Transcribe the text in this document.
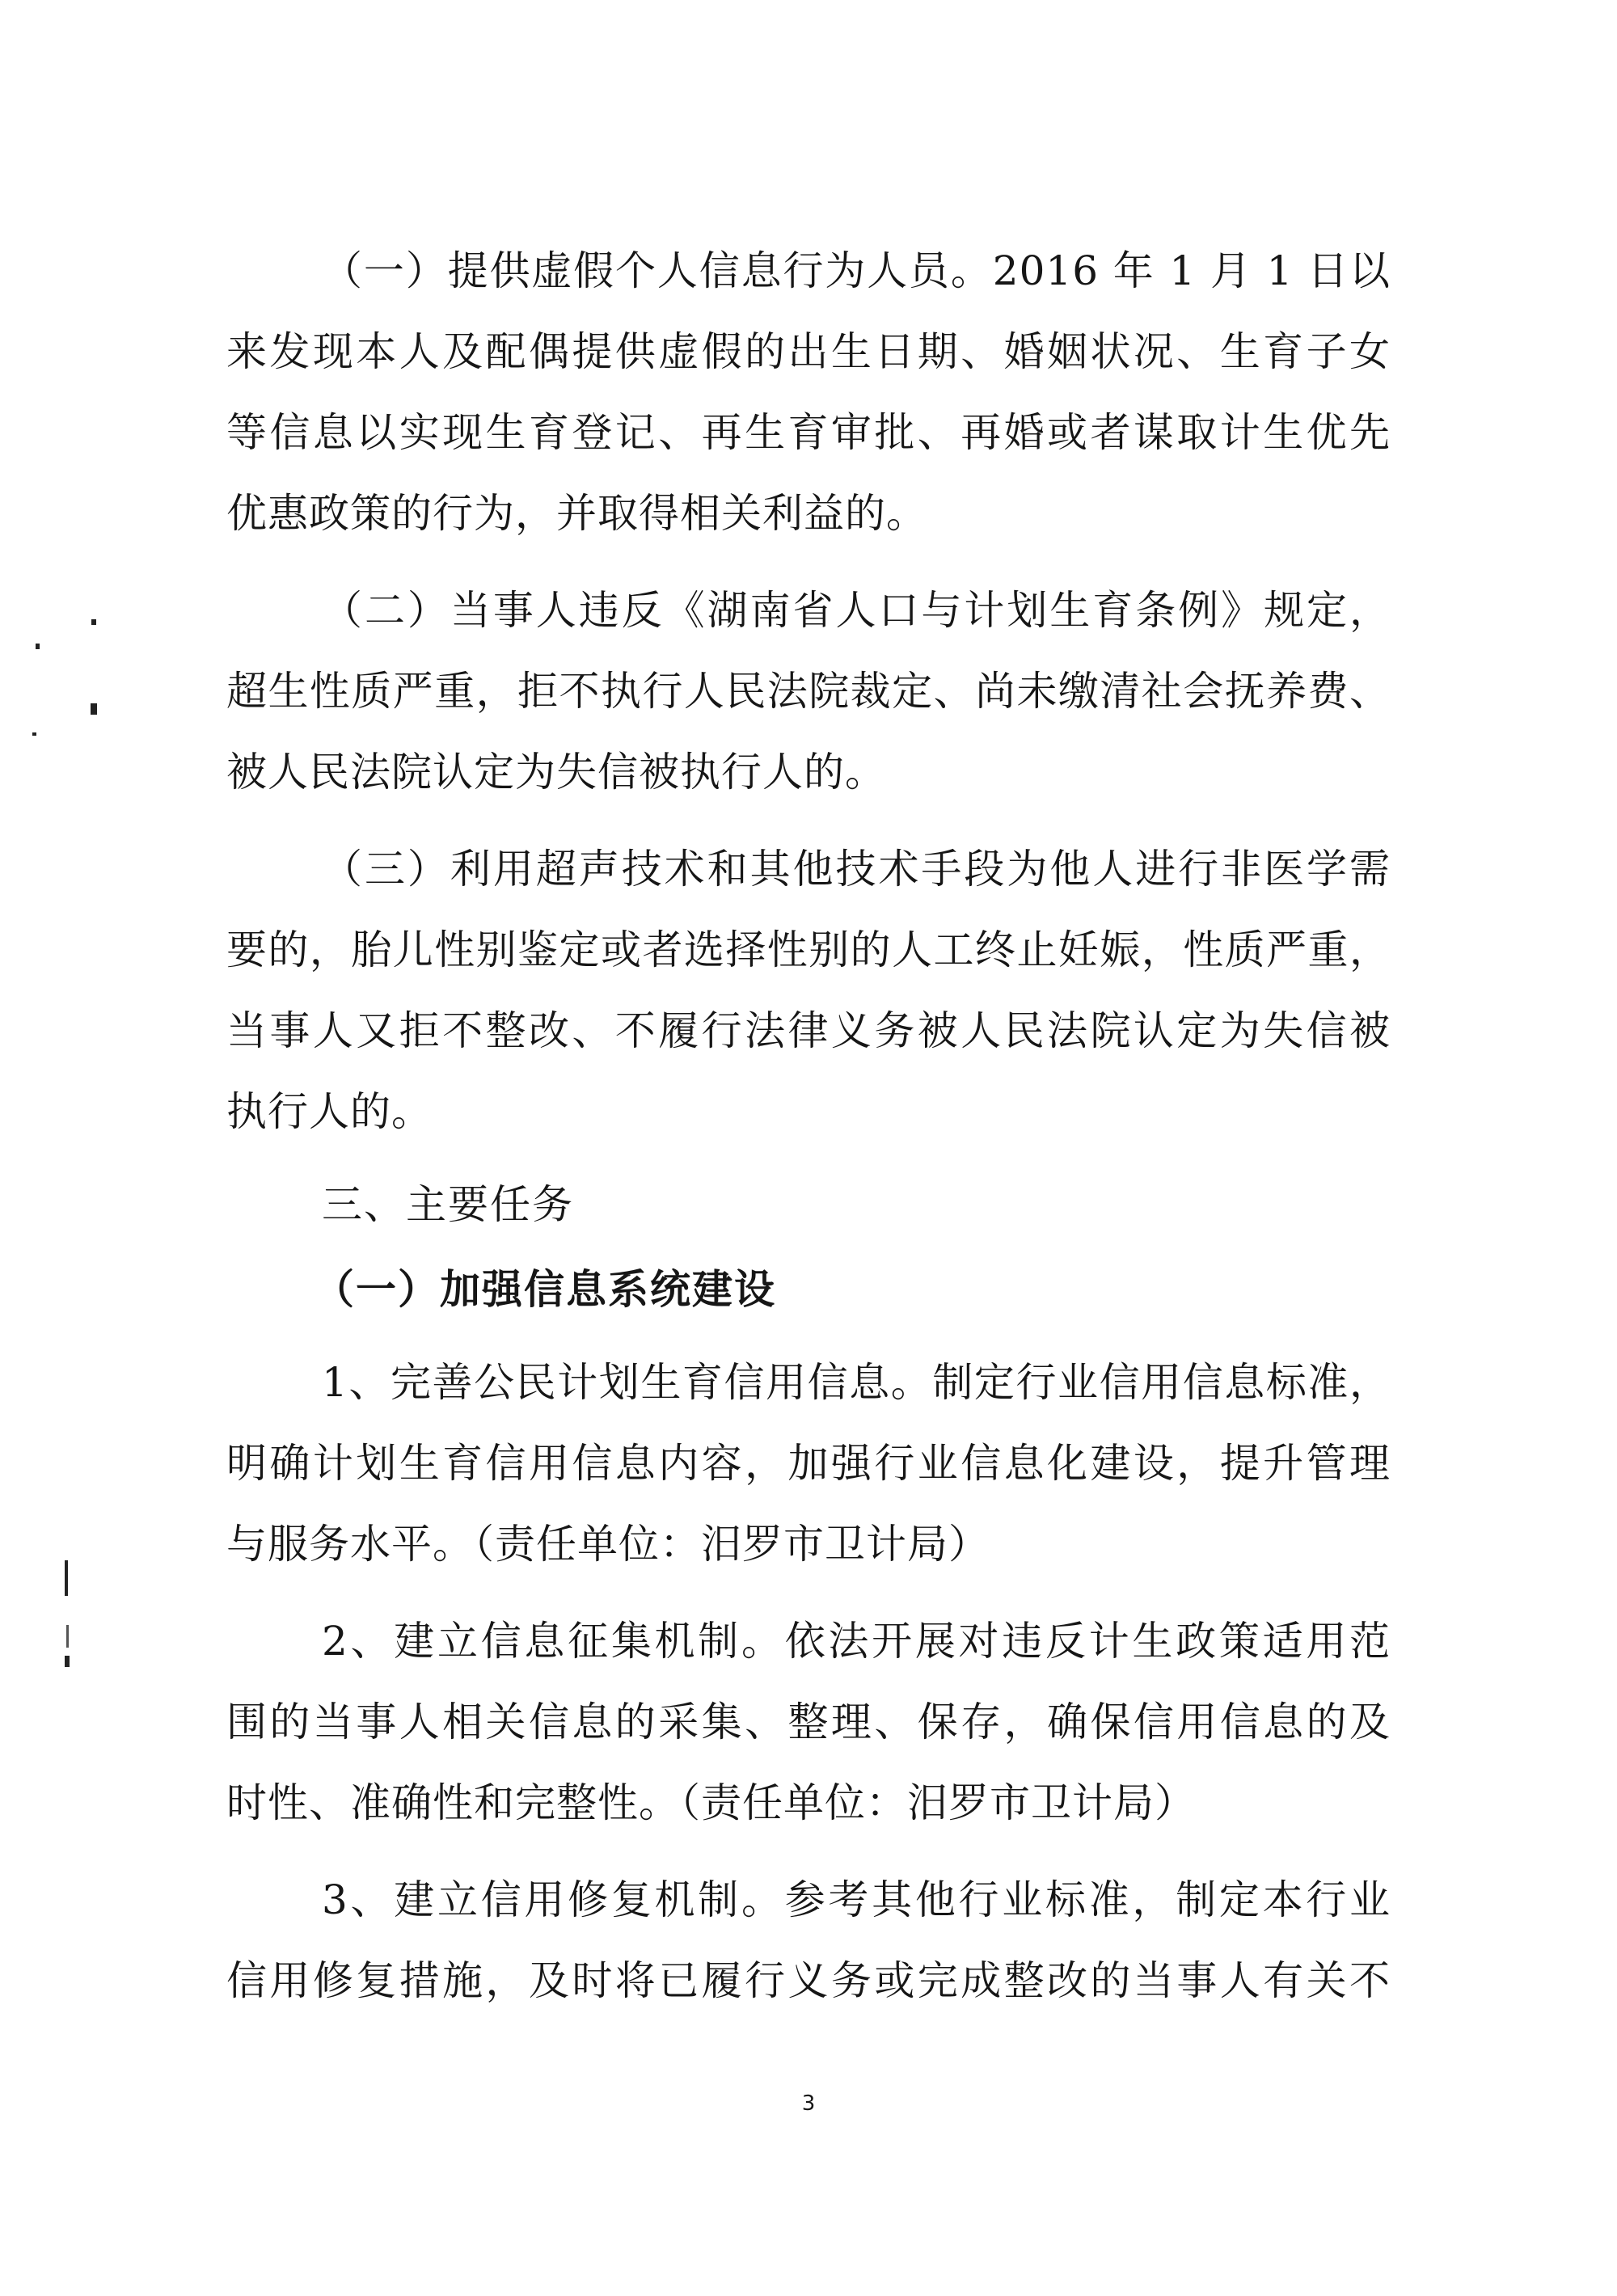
（一）提供虚假个人信息行为人员。2016 年 1 月 1 日以
来发现本人及配偶提供虚假的出生日期、婚姻状况、生育子女
等信息以实现生育登记、再生育审批、再婚或者谋取计生优先
优惠政策的行为，并取得相关利益的。
（二）当事人违反《湖南省人口与计划生育条例》规定，
超生性质严重，拒不执行人民法院裁定、尚未缴清社会抚养费、
被人民法院认定为失信被执行人的。
（三）利用超声技术和其他技术手段为他人进行非医学需
要的，胎儿性别鉴定或者选择性别的人工终止妊娠，性质严重，
当事人又拒不整改、不履行法律义务被人民法院认定为失信被
执行人的。
三、主要任务
（一）加强信息系统建设
1、完善公民计划生育信用信息。制定行业信用信息标准，
明确计划生育信用信息内容，加强行业信息化建设，提升管理
与服务水平。（责任单位：汨罗市卫计局）
2、建立信息征集机制。依法开展对违反计生政策适用范
围的当事人相关信息的采集、整理、保存，确保信用信息的及
时性、准确性和完整性。（责任单位：汨罗市卫计局）
3、建立信用修复机制。参考其他行业标准，制定本行业
信用修复措施，及时将已履行义务或完成整改的当事人有关不
3
